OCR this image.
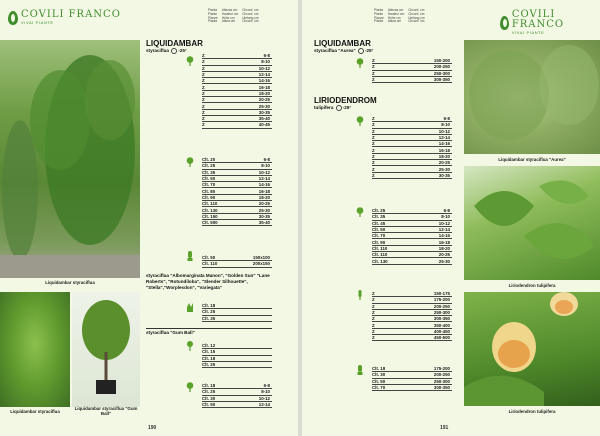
Liquidambar styraciflua
Liquidambar styraciflua
Liquidambar styraciflua "Gum Ball"
COVILI FRANCO
VIVAI PIANTE
Pianta
Plante
Planze
Planta
Altezza cm
Hauteur cm
Höhe cm
Altura cm
Circonf. cm
Circonf. cm
Umfang cm
Circonf. cm
LIQUIDAMBAR
styraciflua -25°
Z	6-8
Z	8-10
Z	10-12
Z	12-14
Z	14-16
Z	16-18
Z	18-20
Z	20-25
Z	25-30
Z	30-35
Z	35-40
Z	40-45
Clt. 20	6-8
Clt. 25	8-10
Clt. 35	10-12
Clt. 50	12-14
Clt. 70	14-16
Clt. 80	16-18
Clt. 90	18-20
Clt. 110	20-25
Clt. 130	25-30
Clt. 150	30-35
Clt. 500	35-40
Clt. 50	150x100
Clt. 110	200x150
styraciflua "Albomarginata Manon", "Golden Sun" "Lane Roberts", "Rotundiloba", "Slender Silhouette", "Stella","Worplesdon", "Variegata"
Clt. 18
Clt. 25
Clt. 35
styraciflua "Gum Ball"
Clt. 12
Clt. 15
Clt. 18
Clt. 25
Clt. 18	6-8
Clt. 25	8-10
Clt. 30	10-12
Clt. 50	12-14
190
Pianta
Plante
Planze
Planta
Altezza cm
Hauteur cm
Höhe cm
Altura cm
Circonf. cm
Circonf. cm
Umfang cm
Circonf. cm
COVILI FRANCO
VIVAI PIANTE
LIQUIDAMBAR
styraciflua "Aurea" -25°
Z	150-200
Z	200-250
Z	250-300
Z	300-350
LIRIODENDROM
tulipifera -25°
Z	6-8
Z	8-10
Z	10-12
Z	12-14
Z	14-16
Z	16-18
Z	18-20
Z	20-25
Z	25-30
Z	30-35
Clt. 25	6-8
Clt. 35	8-10
Clt. 45	10-12
Clt. 50	12-14
Clt. 70	14-16
Clt. 90	16-18
Clt. 110	18-20
Clt. 110	20-25
Clt. 130	25-30
Z	150-175
Z	175-200
Z	200-250
Z	250-300
Z	300-350
Z	350-400
Z	400-450
Z	450-500
Clt. 18	175-200
Clt. 30	200-250
Clt. 50	250-300
Clt. 70	300-350
Liquidambar styraciflua "Aurea"
Liriodendron tulipifera
Liriodendron tulipifera
191
